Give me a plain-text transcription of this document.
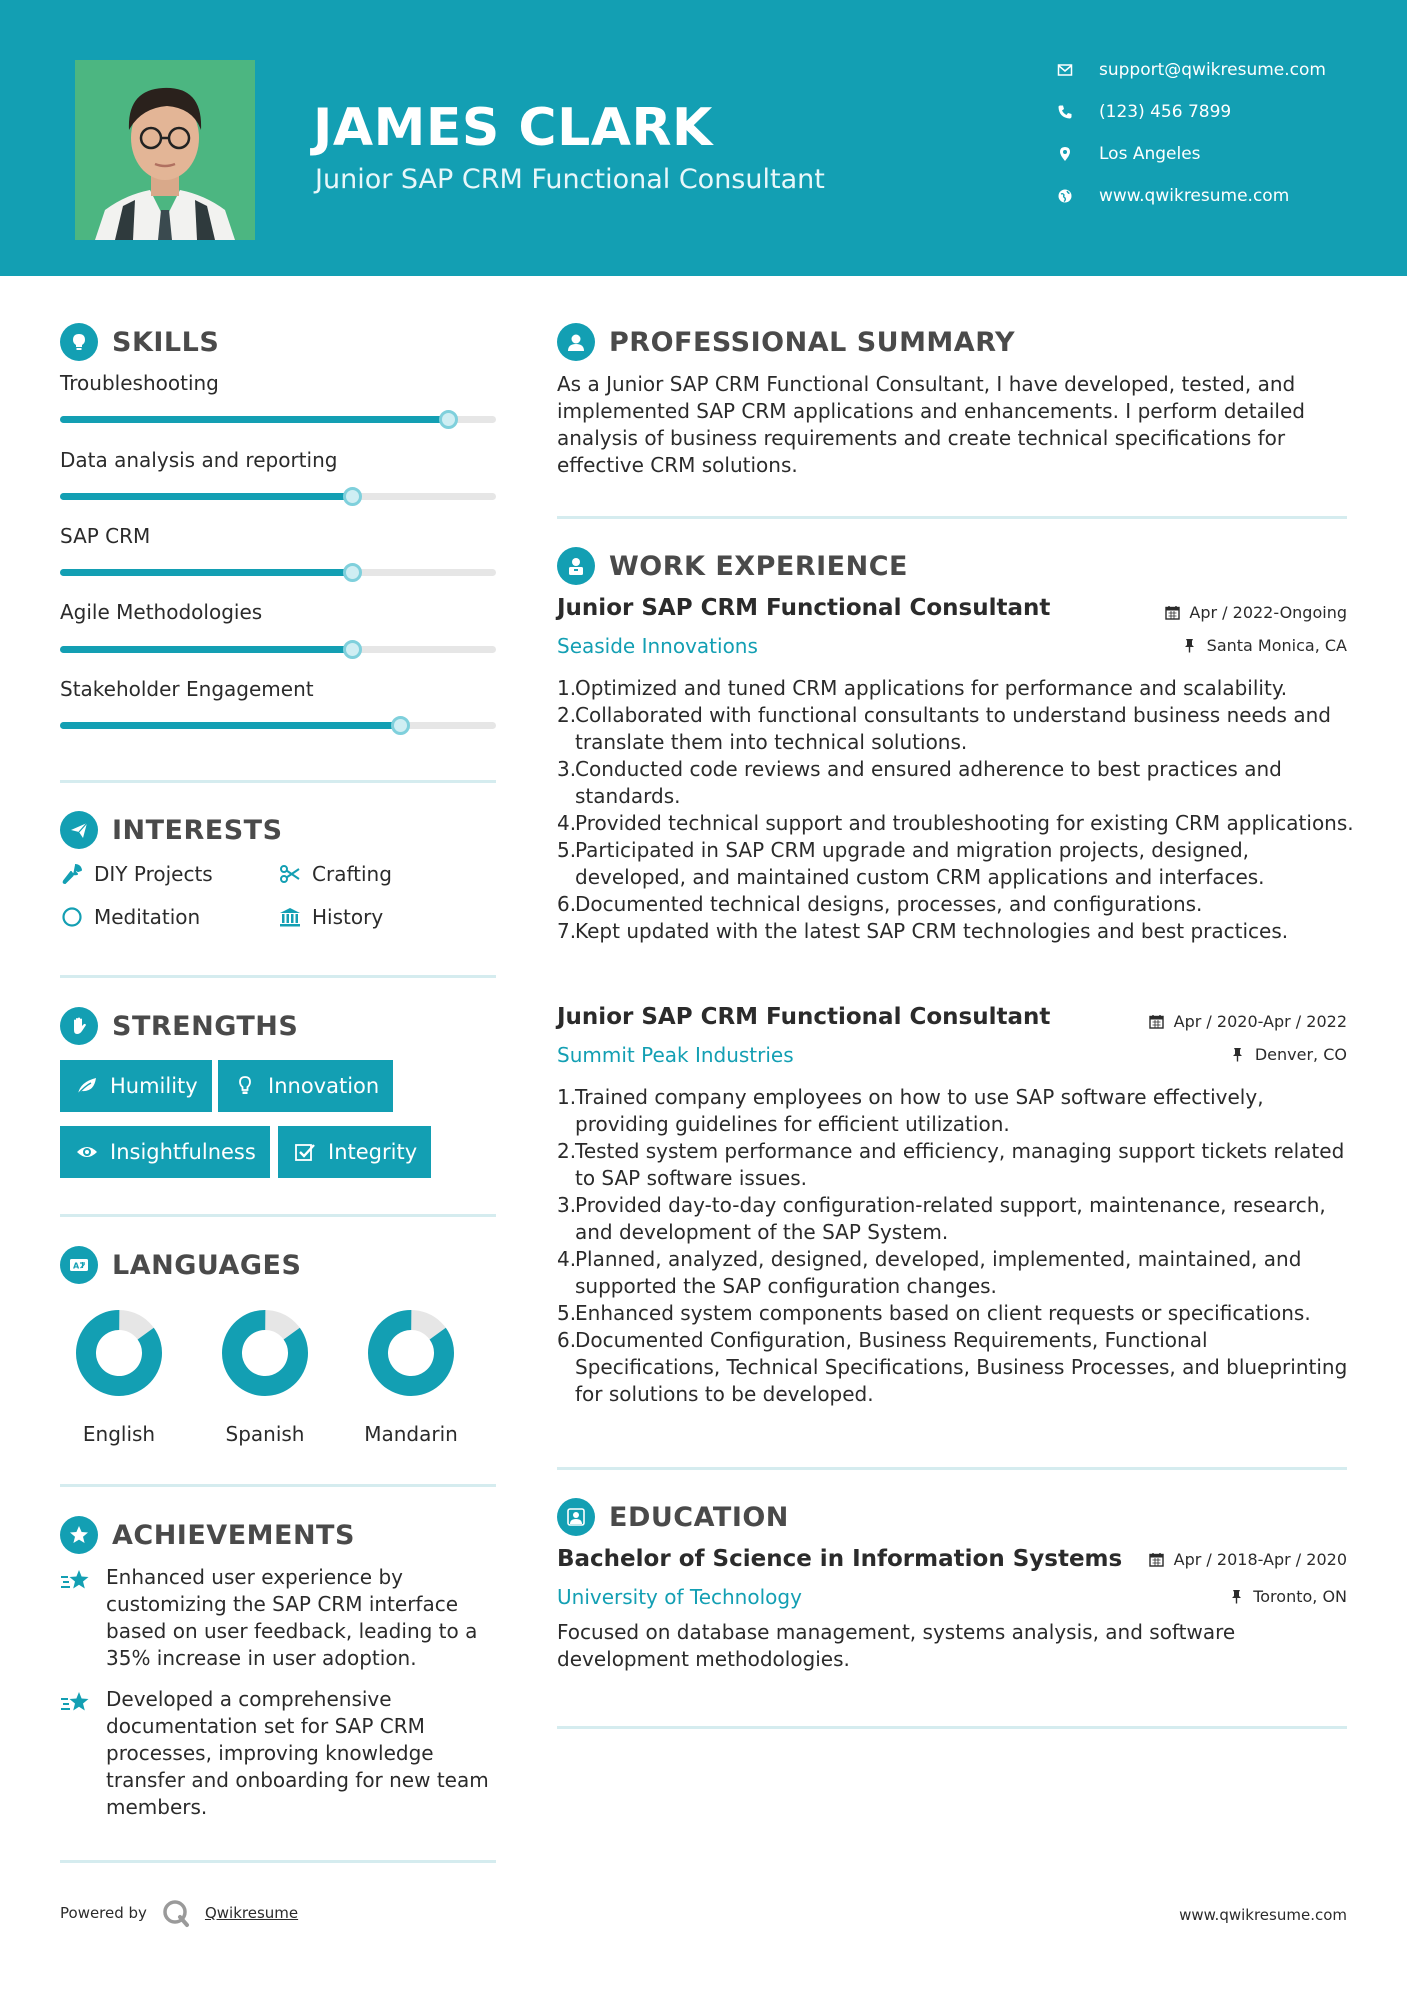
JAMES CLARK
Junior SAP CRM Functional Consultant
support@qwikresume.com
(123) 456 7899
Los Angeles
www.qwikresume.com
SKILLS
Troubleshooting
Data analysis and reporting
SAP CRM
Agile Methodologies
Stakeholder Engagement
INTERESTS
DIY Projects	Crafting
Meditation	History
STRENGTHS
Humility	Innovation
Insightfulness	Integrity
A LANGUAGES
English	Spanish	Mandarin
ACHIEVEMENTS
Enhanced user experience by customizing the SAP CRM interface based on user feedback, leading to a 35% increase in user adoption.
Developed a comprehensive documentation set for SAP CRM processes, improving knowledge transfer and onboarding for new team members.
PROFESSIONAL SUMMARY
As a Junior SAP CRM Functional Consultant, I have developed, tested, and implemented SAP CRM applications and enhancements. I perform detailed analysis of business requirements and create technical specifications for effective CRM solutions.
WORK EXPERIENCE
Junior SAP CRM Functional Consultant	Apr / 2022-Ongoing
Seaside Innovations	Santa Monica, CA
1.
Optimized and tuned CRM applications for performance and scalability.
2.
Collaborated with functional consultants to understand business needs and translate them into technical solutions.
3.
Conducted code reviews and ensured adherence to best practices and standards.
4.
Provided technical support and troubleshooting for existing CRM applications.
5.
Participated in SAP CRM upgrade and migration projects, designed, developed, and maintained custom CRM applications and interfaces.
6.
Documented technical designs, processes, and configurations.
7.
Kept updated with the latest SAP CRM technologies and best practices.
Junior SAP CRM Functional Consultant	Apr / 2020-Apr / 2022
Summit Peak Industries	Denver, CO
1.
Trained company employees on how to use SAP software effectively, providing guidelines for efficient utilization.
2.
Tested system performance and efficiency, managing support tickets related to SAP software issues.
3.
Provided day-to-day configuration-related support, maintenance, research, and development of the SAP System.
4.
Planned, analyzed, designed, developed, implemented, maintained, and supported the SAP configuration changes.
5.
Enhanced system components based on client requests or specifications.
6.
Documented Configuration, Business Requirements, Functional Specifications, Technical Specifications, Business Processes, and blueprinting for solutions to be developed.
EDUCATION
Bachelor of Science in Information Systems	Apr / 2018-Apr / 2020
University of Technology	Toronto, ON
Focused on database management, systems analysis, and software development methodologies.
Powered by	Qwikresume	www.qwikresume.com
